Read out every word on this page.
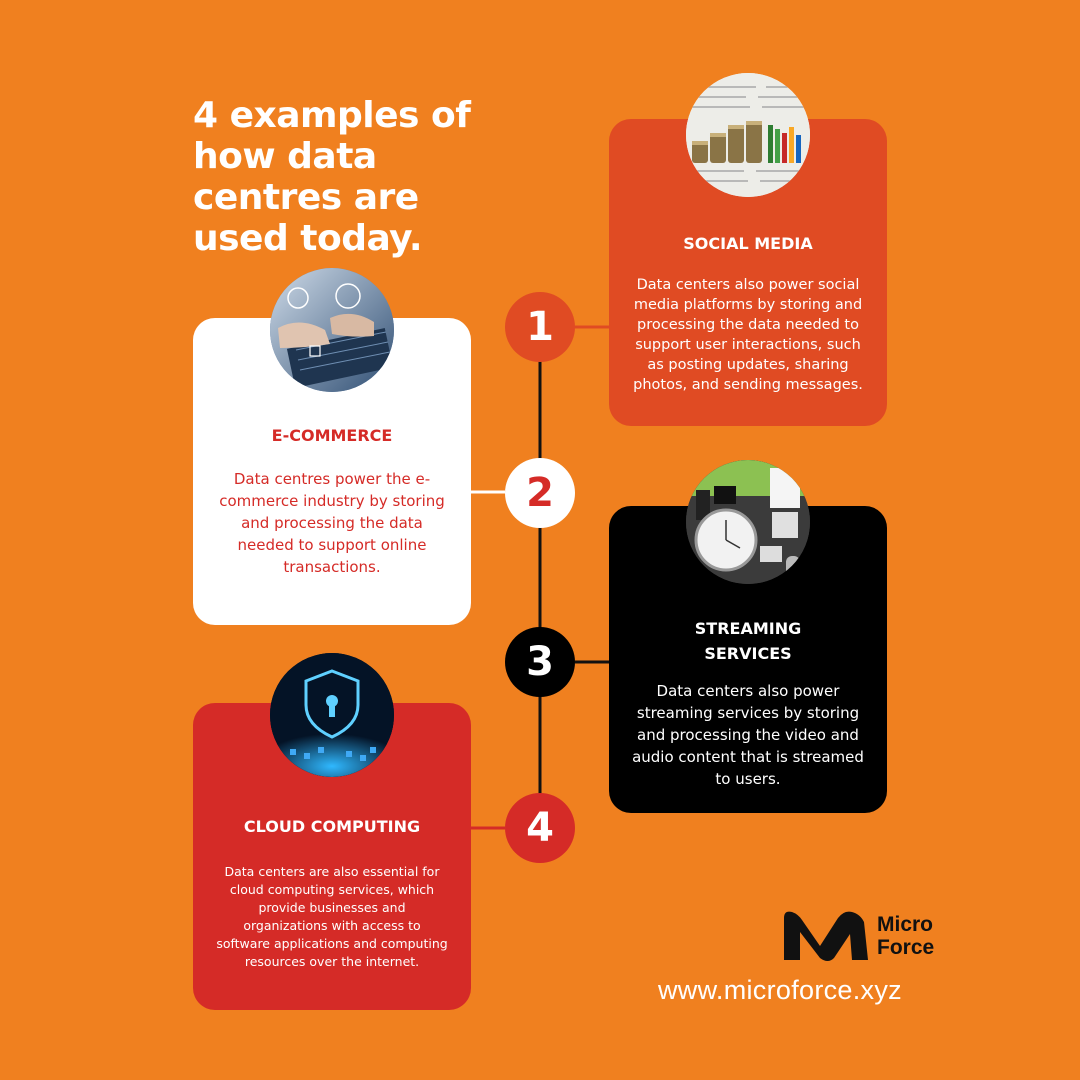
4 examples of how data centres are used today.	SOCIAL MEDIA
Data centers also power social media platforms by storing and processing the data needed to support user interactions, such as posting updates, sharing photos, and sending messages.
E-COMMERCE
Data centres power the e-commerce industry by storing and processing the data needed to support online transactions.
STREAMING SERVICES
Data centers also power streaming services by storing and processing the video and audio content that is streamed to users.
CLOUD COMPUTING
Data centers are also essential for cloud computing services, which provide businesses and organizations with access to software applications and computing resources over the internet.
1
2
3
4
Micro
Force
www.microforce.xyz
